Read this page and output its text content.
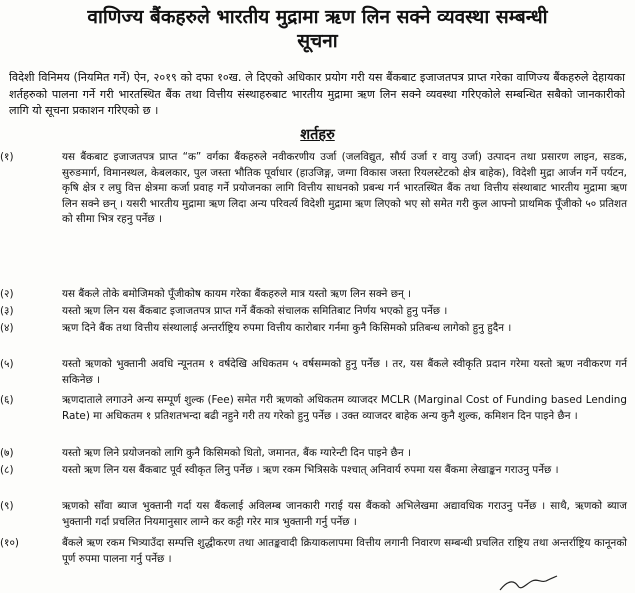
वाणिज्य बैंकहरुले भारतीय मुद्रामा ऋण लिन सक्ने व्यवस्था सम्बन्धी
सूचना
विदेशी विनिमय (नियमित गर्ने) ऐन, २०१९ को दफा १०ख. ले दिएको अधिकार प्रयोग गरी यस बैंकबाट इजाजतपत्र प्राप्त गरेका वाणिज्य बैंकहरुले देहायका शर्तहरुको पालना गर्ने गरी भारतस्थित बैंक तथा वित्तीय संस्थाहरुबाट भारतीय मुद्रामा ऋण लिन सक्ने व्यवस्था गरिएकोले सम्बन्धित सबैको जानकारीको लागि यो सूचना प्रकाशन गरिएको छ ।
शर्तहरु
(१)	यस बैंकबाट इजाजतपत्र प्राप्त “क” वर्गका बैंकहरुले नवीकरणीय उर्जा (जलविद्युत, सौर्य उर्जा र वायु उर्जा) उत्पादन तथा प्रसारण लाइन, सडक, सुरुङमार्ग, विमानस्थल, केबलकार, पुल जस्ता भौतिक पूर्वाधार (हाउजिङ्ग, जग्गा विकास जस्ता रियलस्टेटको क्षेत्र बाहेक), विदेशी मुद्रा आर्जन गर्ने पर्यटन, कृषि क्षेत्र र लघु वित्त क्षेत्रमा कर्जा प्रवाह गर्ने प्रयोजनका लागि वित्तीय साधनको प्रबन्ध गर्न भारतस्थित बैंक तथा वित्तीय संस्थाबाट भारतीय मुद्रामा ऋण लिन सक्ने छन् । यसरी भारतीय मुद्रामा ऋण लिदा अन्य परिवर्त्य विदेशी मुद्रामा ऋण लिएको भए सो समेत गरी कुल आफ्नो प्राथमिक पूँजीको ५० प्रतिशत को सीमा भित्र रहनु पर्नेछ ।
(२)	यस बैंकले तोके बमोजिमको पूँजीकोष कायम गरेका बैंकहरुले मात्र यस्तो ऋण लिन सक्ने छन् ।
(३)	यस्तो ऋण लिन यस बैंकबाट इजाजतपत्र प्राप्त गर्ने बैंकको संचालक समितिबाट निर्णय भएको हुनु पर्नेछ ।
(४)	ऋण दिने बैंक तथा वित्तीय संस्थालाई अन्तर्राष्ट्रिय रुपमा वित्तीय कारोबार गर्नमा कुनै किसिमको प्रतिबन्ध लागेको हुनु हुदैन ।
(५)	यस्तो ऋणको भुक्तानी अवधि न्यूनतम १ वर्षदेखि अधिकतम ५ वर्षसम्मको हुनु पर्नेछ । तर, यस बैंकले स्वीकृति प्रदान गरेमा यस्तो ऋण नवीकरण गर्न सकिनेछ ।
(६)	ऋणदाताले लगाउने अन्य सम्पूर्ण शुल्क (Fee) समेत गरी ऋणको अधिकतम व्याजदर MCLR (Marginal Cost of Funding based Lending Rate) मा अधिकतम १ प्रतिशतभन्दा बढी नहुने गरी तय गरेको हुनु पर्नेछ । उक्त व्याजदर बाहेक अन्य कुनै शुल्क, कमिशन दिन पाइने छैन ।
(७)	यस्तो ऋण लिने प्रयोजनको लागि कुनै किसिमको धितो, जमानत, बैंक ग्यारेन्टी दिन पाइने छैन ।
(८)	यस्तो ऋण लिन यस बैंकबाट पूर्व स्वीकृत लिनु पर्नेछ । ऋण रकम भित्रिसके पश्चात् अनिवार्य रुपमा यस बैंकमा लेखाङ्कन गराउनु पर्नेछ ।
(९)	ऋणको साँवा ब्याज भुक्तानी गर्दा यस बैंकलाई अविलम्ब जानकारी गराई यस बैंकको अभिलेखमा अद्यावधिक गराउनु पर्नेछ । साथै, ऋणको ब्याज भुक्तानी गर्दा प्रचलित नियमानुसार लाग्ने कर कट्टी गरेर मात्र भुक्तानी गर्नु पर्नेछ ।
(१०)	बैंकले ऋण रकम भित्र्याउँदा सम्पत्ति शुद्धीकरण तथा आतङ्कवादी क्रियाकलापमा वित्तीय लगानी निवारण सम्बन्धी प्रचलित राष्ट्रिय तथा अन्तर्राष्ट्रिय कानूनको पूर्ण रुपमा पालना गर्नु पर्नेछ ।
